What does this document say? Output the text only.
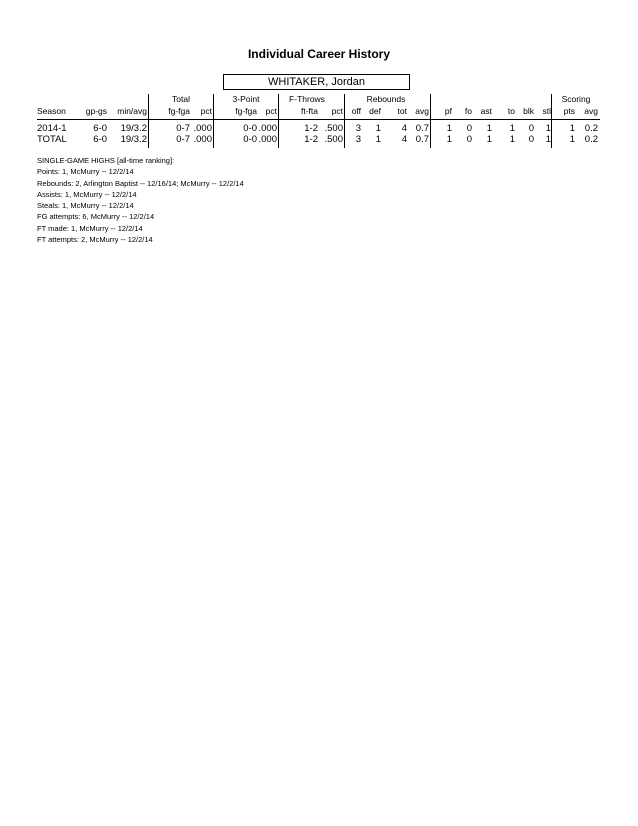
Individual Career History
WHITAKER, Jordan
Total	3-Point	F-Throws	Rebounds	Scoring
Season	gp-gs min/avg	fg-fga	pct	fg-fga	pct	ft-fta	pct	off def	tot avg	pf	fo	ast	to blk	stl	pts	avg
2014-1	6-0	19/3.2	0-7 .000	0-0 .000	1-2 .500	3	1	4 0.7	1	0	1	1	0	1	1	0.2
TOTAL	6-0	19/3.2	0-7 .000	0-0 .000	1-2 .500	3	1	4 0.7	1	0	1	1	0	1	1	0.2
SINGLE-GAME HIGHS [all-time ranking]:
Points: 1, McMurry -- 12/2/14
Rebounds: 2, Arlington Baptist -- 12/16/14; McMurry -- 12/2/14
Assists: 1, McMurry -- 12/2/14
Steals: 1, McMurry -- 12/2/14
FG attempts: 6, McMurry -- 12/2/14
FT made: 1, McMurry -- 12/2/14
FT attempts: 2, McMurry -- 12/2/14
